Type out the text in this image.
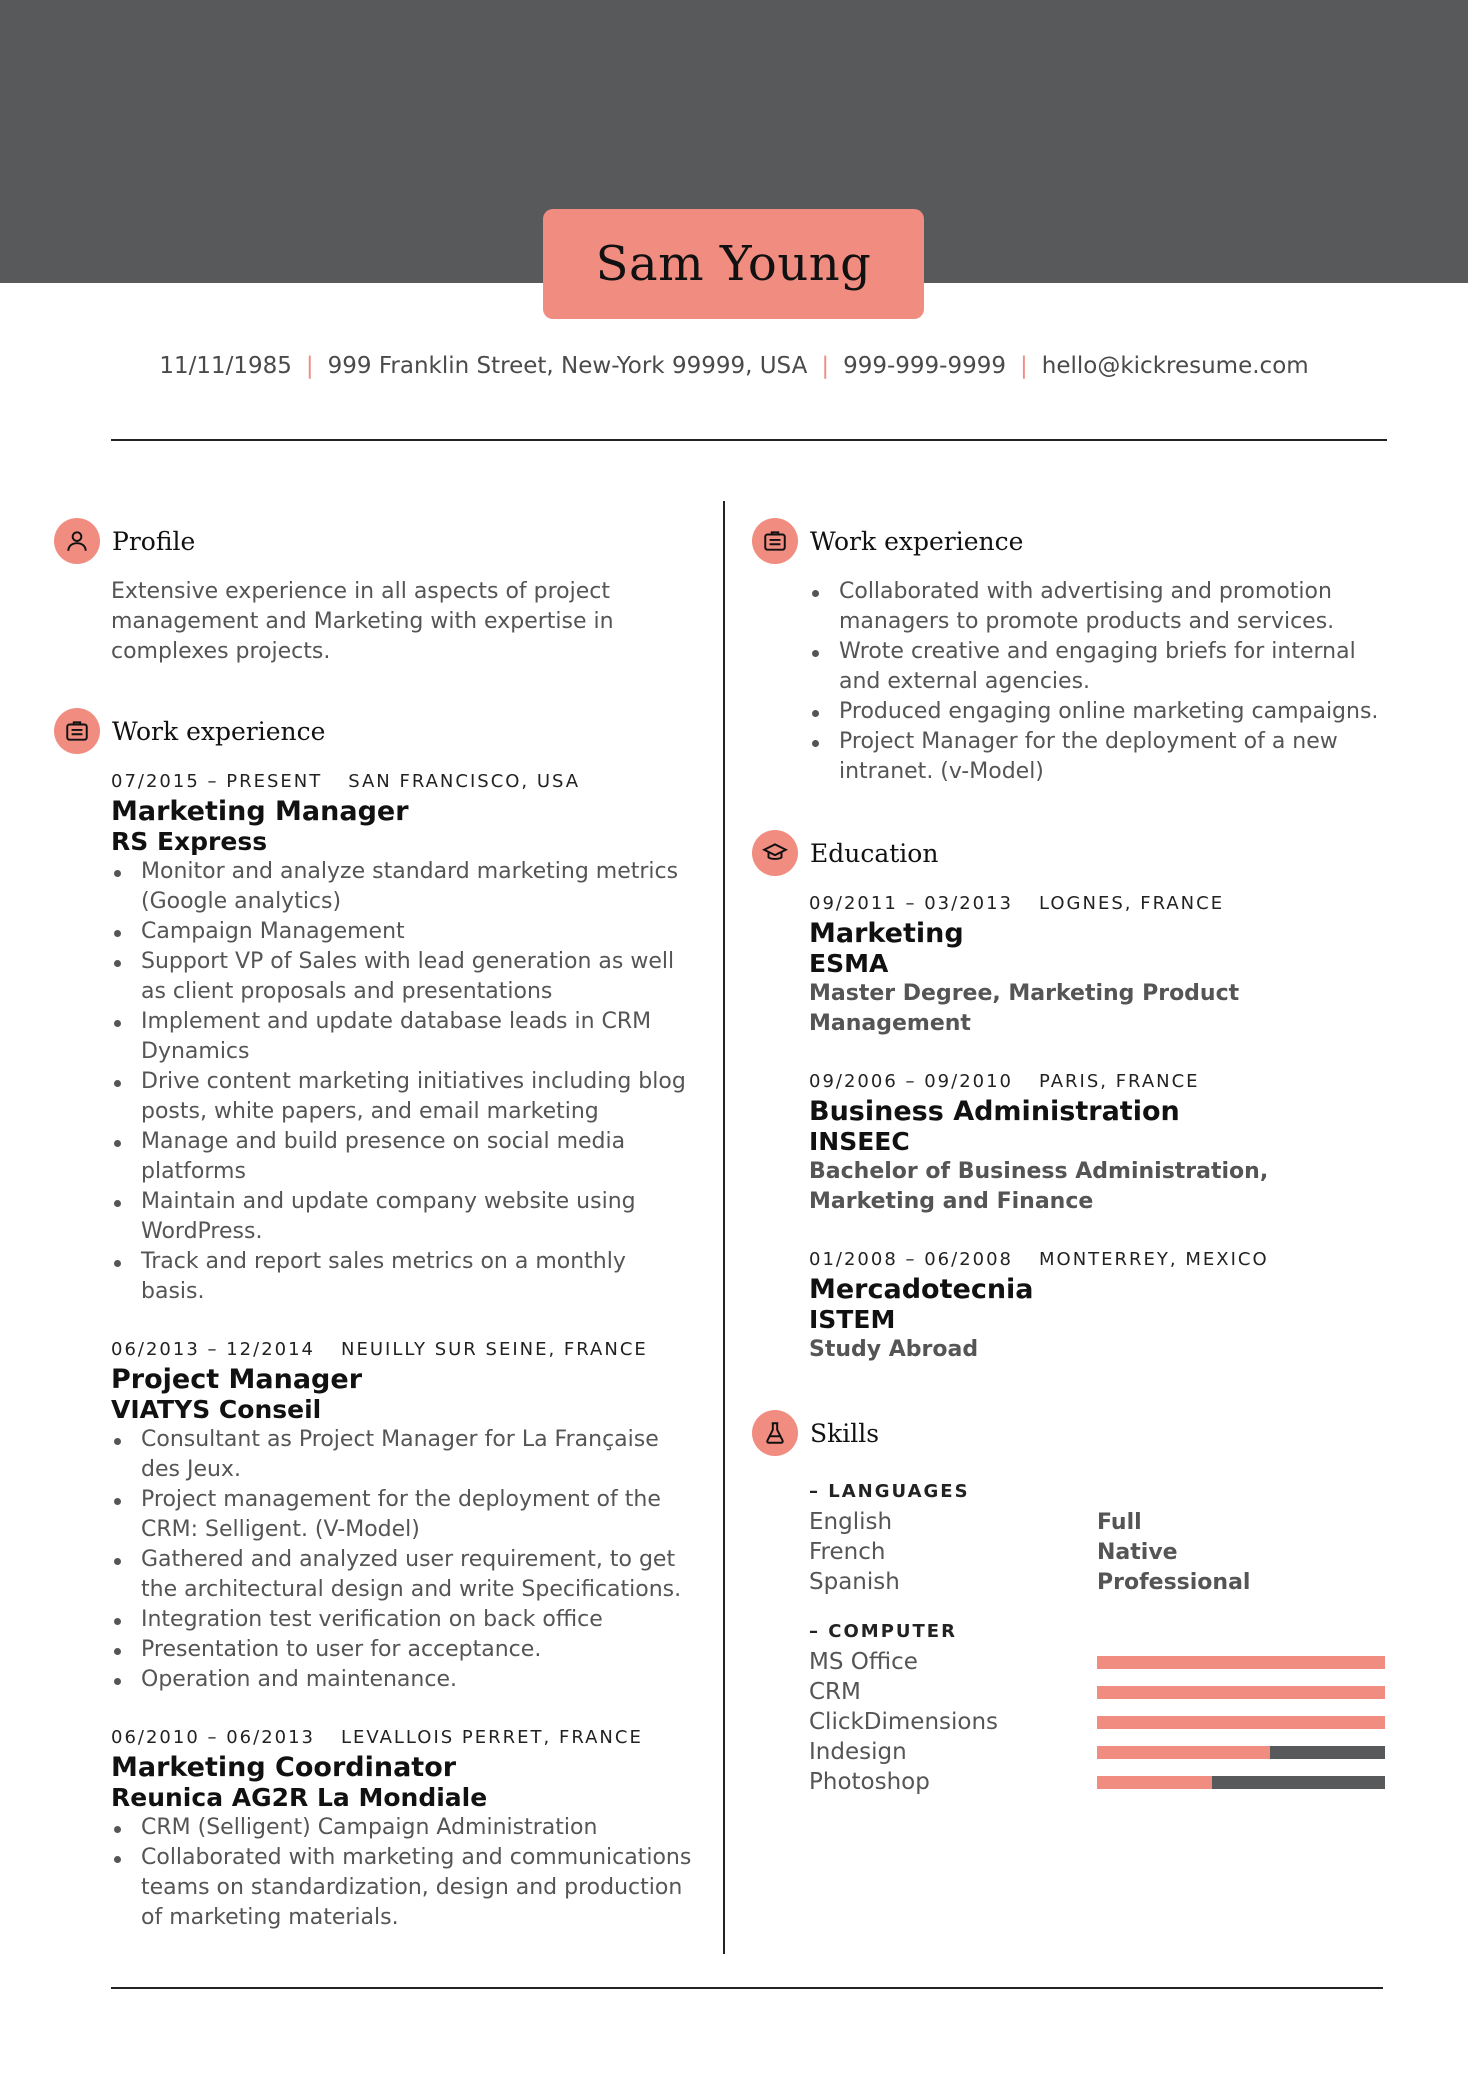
Sam Young
11/11/1985 | 999 Franklin Street, New-York 99999, USA | 999-999-9999 | hello@kickresume.com
Profile

Extensive experience in all aspects of project management and Marketing with expertise in complexes projects.

Work experience
07/2015 – PRESENT SAN FRANCISCO, USA
Marketing Manager
RS Express
Monitor and analyze standard marketing metrics (Google analytics)
Campaign Management
Support VP of Sales with lead generation as well as client proposals and presentations
Implement and update database leads in CRM Dynamics
Drive content marketing initiatives including blog posts, white papers, and email marketing
Manage and build presence on social media platforms
Maintain and update company website using WordPress.
Track and report sales metrics on a monthly basis.
06/2013 – 12/2014 NEUILLY SUR SEINE, FRANCE
Project Manager
VIATYS Conseil
Consultant as Project Manager for La Française des Jeux.
Project management for the deployment of the CRM: Selligent. (V-Model)
Gathered and analyzed user requirement, to get the architectural design and write Specifications.
Integration test verification on back office
Presentation to user for acceptance.
Operation and maintenance.
06/2010 – 06/2013 LEVALLOIS PERRET, FRANCE
Marketing Coordinator
Reunica AG2R La Mondiale
CRM (Selligent) Campaign Administration
Collaborated with marketing and communications teams on standardization, design and production of marketing materials.
Work experience
Collaborated with advertising and promotion managers to promote products and services.
Wrote creative and engaging briefs for internal and external agencies.
Produced engaging online marketing campaigns.
Project Manager for the deployment of a new intranet. (v-Model)
Education
09/2011 – 03/2013 LOGNES, FRANCE
Marketing
ESMA
Master Degree, Marketing Product Management
09/2006 – 09/2010 PARIS, FRANCE
Business Administration
INSEEC
Bachelor of Business Administration, Marketing and Finance
01/2008 – 06/2008 MONTERREY, MEXICO
Mercadotecnia
ISTEM
Study Abroad
Skills
– LANGUAGES
English	Full
French	Native
Spanish	Professional
– COMPUTER
MS Office
CRM
ClickDimensions
Indesign
Photoshop
